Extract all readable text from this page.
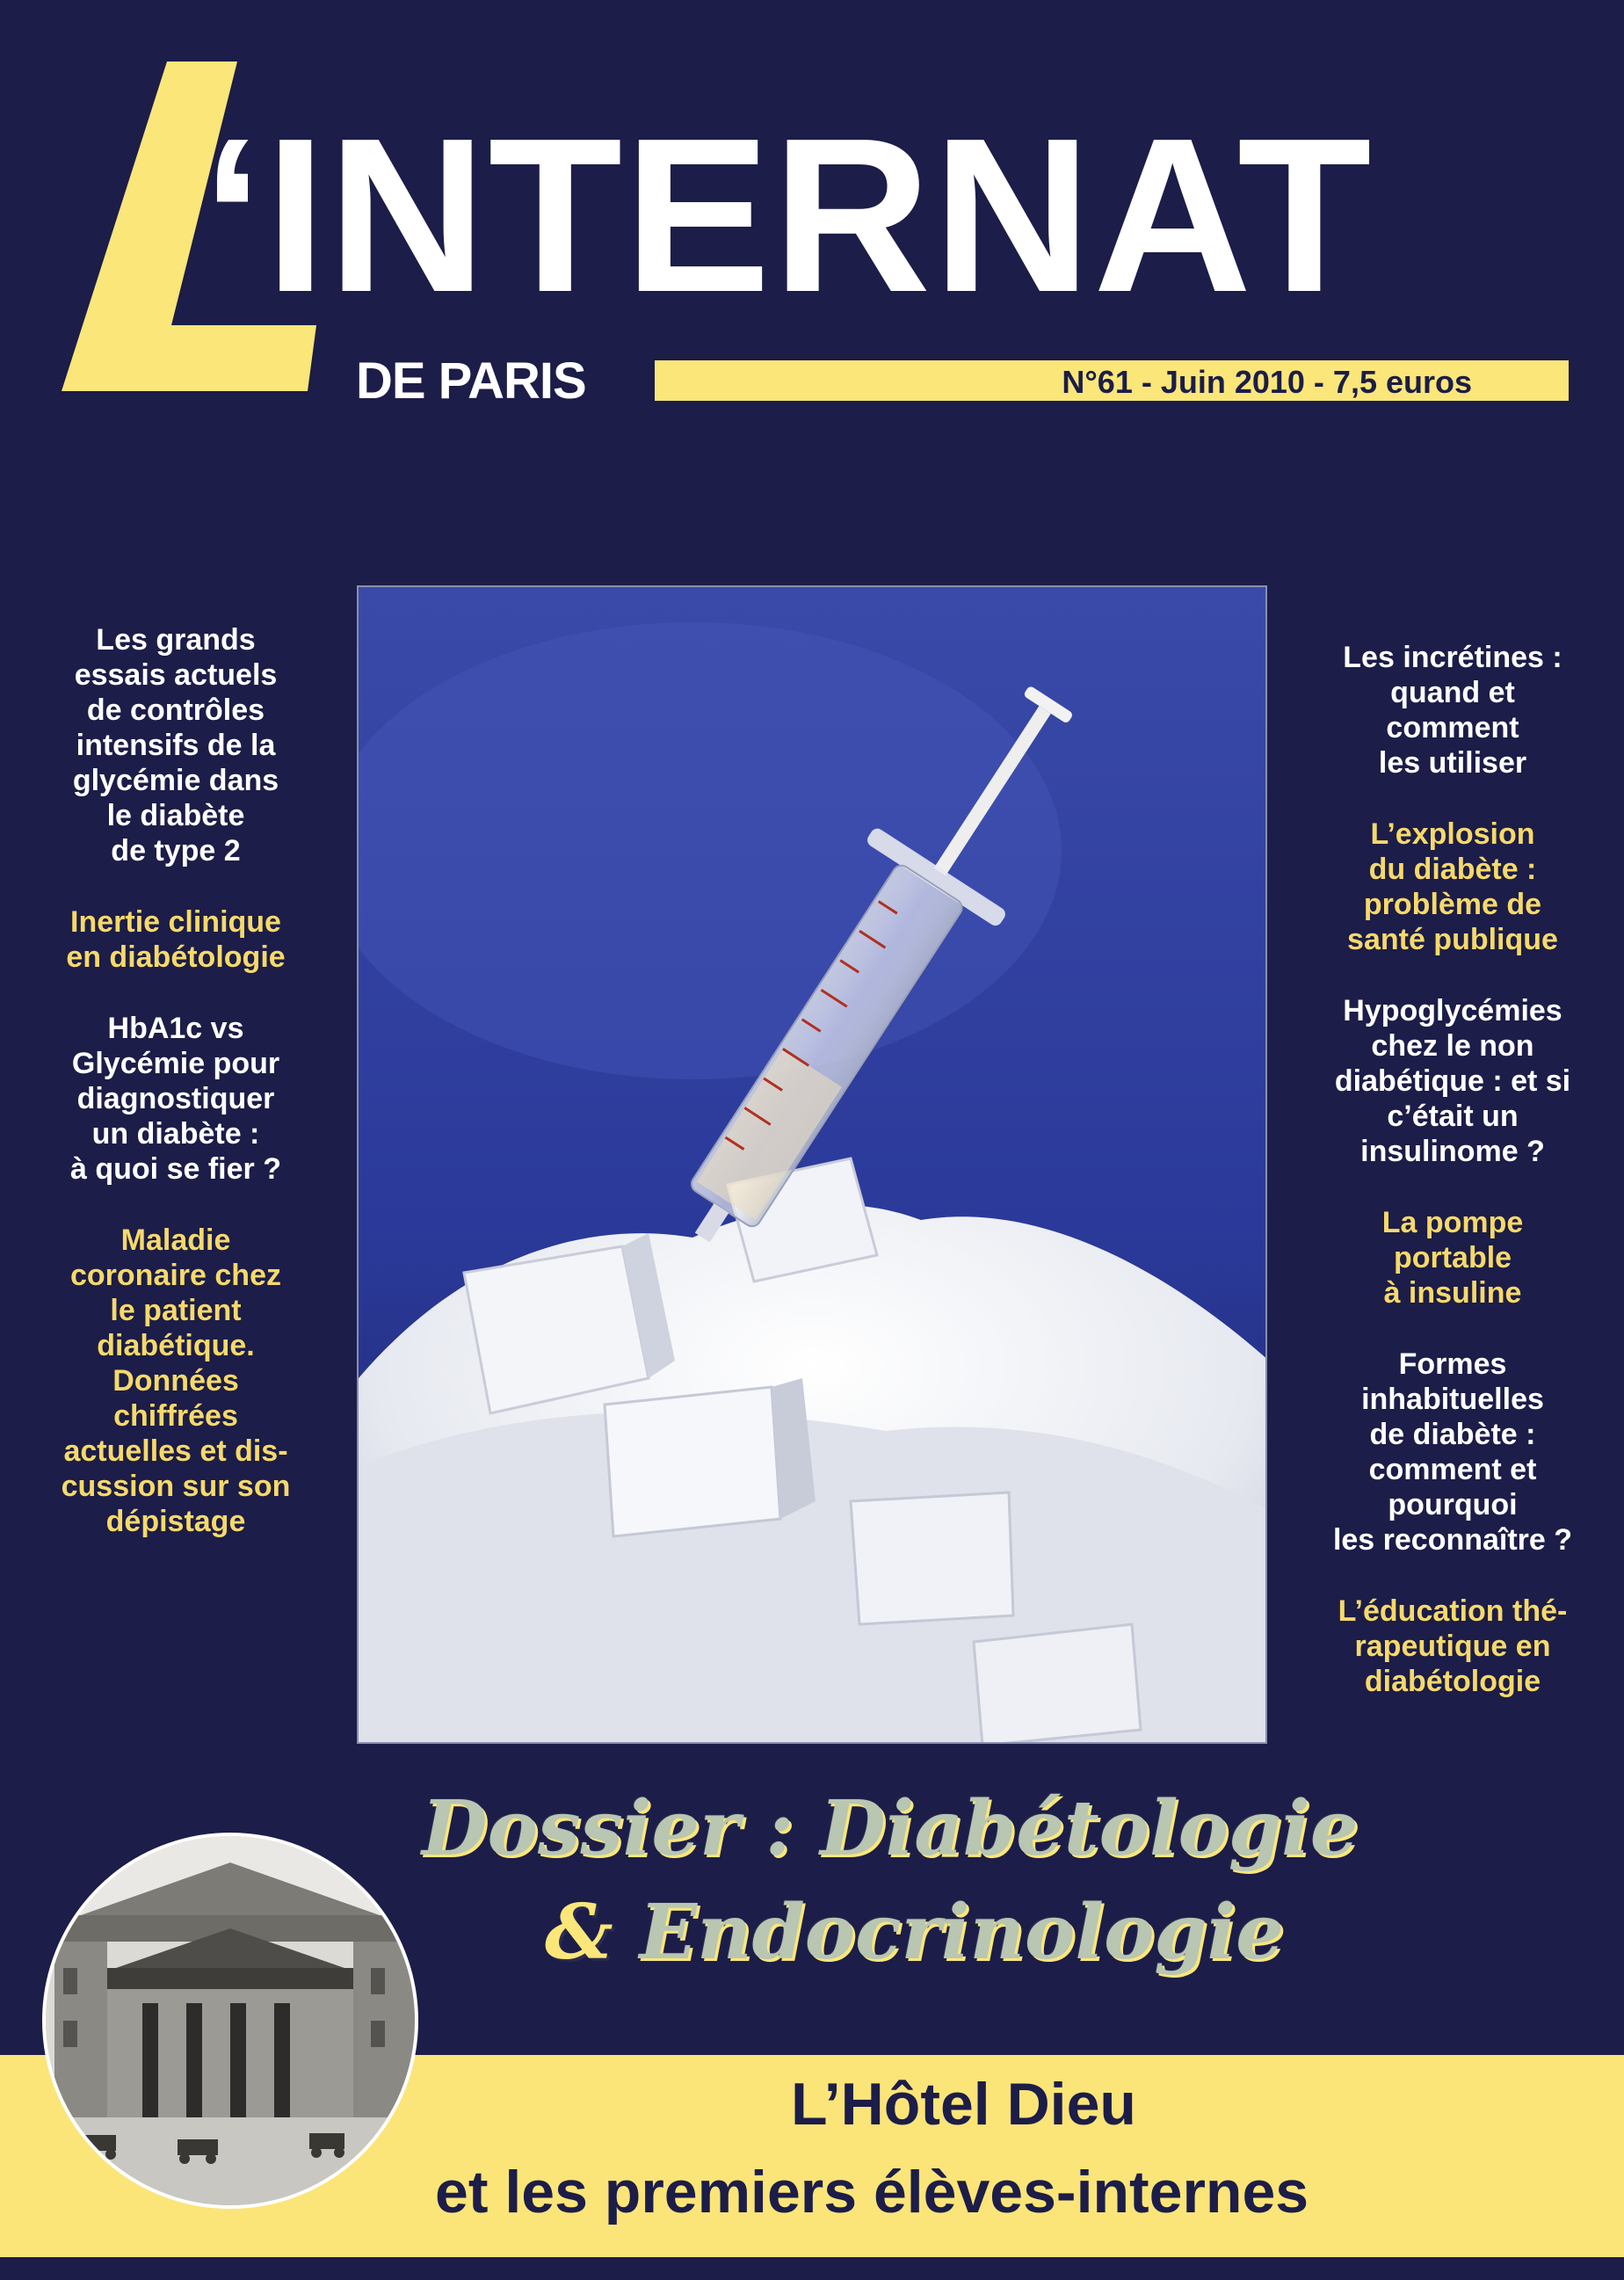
‘INTERNAT
DE PARIS	N°61 - Juin 2010 - 7,5 euros
Les grands
essais actuels
de contrôles
intensifs de la
glycémie dans
le diabète
de type 2
Inertie clinique
en diabétologie
HbA1c vs
Glycémie pour
diagnostiquer
un diabète :
à quoi se fier ?
Maladie
coronaire chez
le patient
diabétique.
Données
chiffrées
actuelles et dis-
cussion sur son
dépistage
Les incrétines :
quand et
comment
les utiliser
L’explosion
du diabète :
problème de
santé publique
Hypoglycémies
chez le non
diabétique : et si
c’était un
insulinome ?
La pompe
portable
à insuline
Formes
inhabituelles
de diabète :
comment et
pourquoi
les reconnaître ?
L’éducation thé-
rapeutique en
diabétologie
Dossier : Diabétologie
& Endocrinologie
L’Hôtel Dieu
et les premiers élèves-internes
